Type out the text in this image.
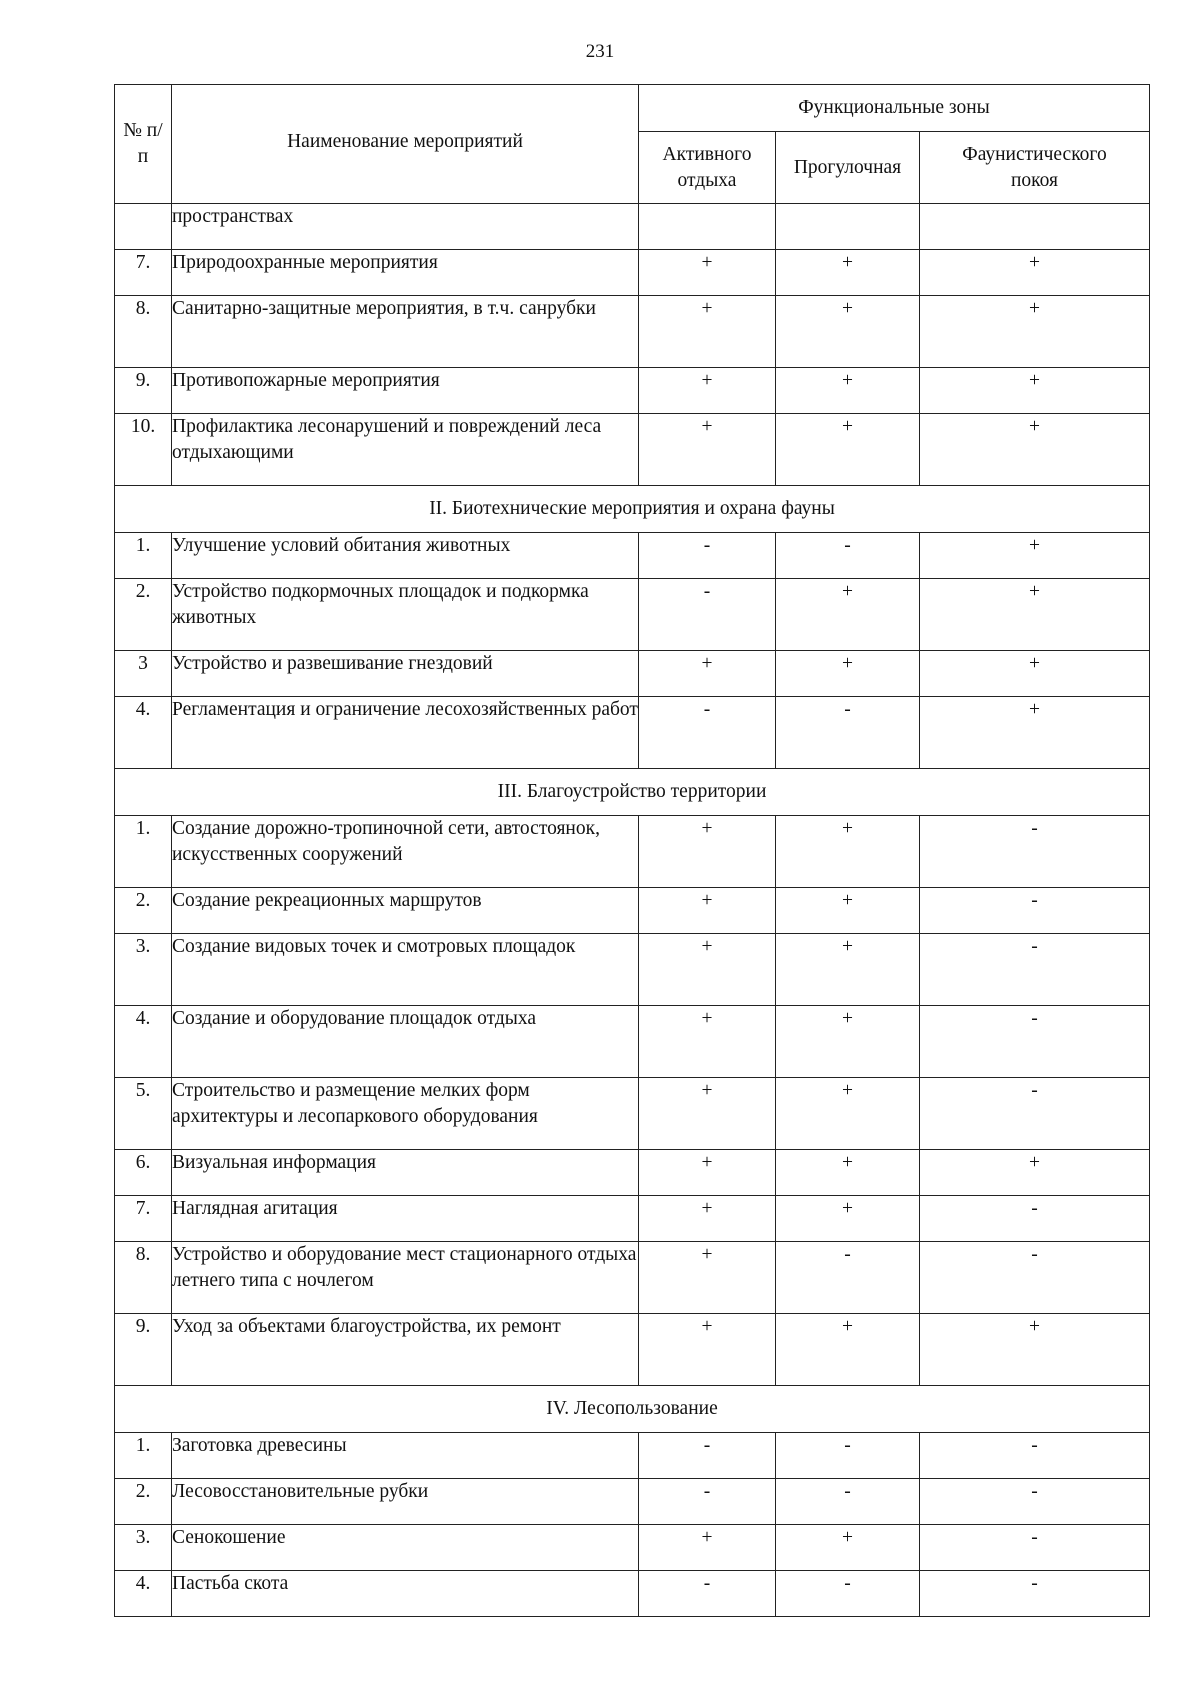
231
№ п/п	Наименование мероприятий	Функциональные зоны		

		Активного отдыха	Прогулочная	Фаунистического покоя

	пространствах			
7.	Природоохранные мероприятия	+	+	+
8.	Санитарно-защитные мероприятия, в т.ч. санрубки	+	+	+
9.	Противопожарные мероприятия	+	+	+
10.	Профилактика лесонарушений и повреждений леса отдыхающими	+	+	+
II. Биотехнические мероприятия и охрана фауны				
1.	Улучшение условий обитания животных	-	-	+
2.	Устройство подкормочных площадок и подкормка животных	-	+	+
3	Устройство и развешивание гнездовий	+	+	+
4.	Регламентация и ограничение лесохозяйственных работ	-	-	+
III. Благоустройство территории				
1.	Создание дорожно-тропиночной сети, автостоянок, искусственных сооружений	+	+	-
2.	Создание рекреационных маршрутов	+	+	-
3.	Создание видовых точек и смотровых площадок	+	+	-
4.	Создание и оборудование площадок отдыха	+	+	-
5.	Строительство и размещение мелких форм архитектуры и лесопаркового оборудования	+	+	-
6.	Визуальная информация	+	+	+
7.	Наглядная агитация	+	+	-
8.	Устройство и оборудование мест стационарного отдыха летнего типа с ночлегом	+	-	-
9.	Уход за объектами благоустройства, их ремонт	+	+	+
IV. Лесопользование				
1.	Заготовка древесины	-	-	-
2.	Лесовосстановительные рубки	-	-	-
3.	Сенокошение	+	+	-
4.	Пастьба скота	-	-	-
